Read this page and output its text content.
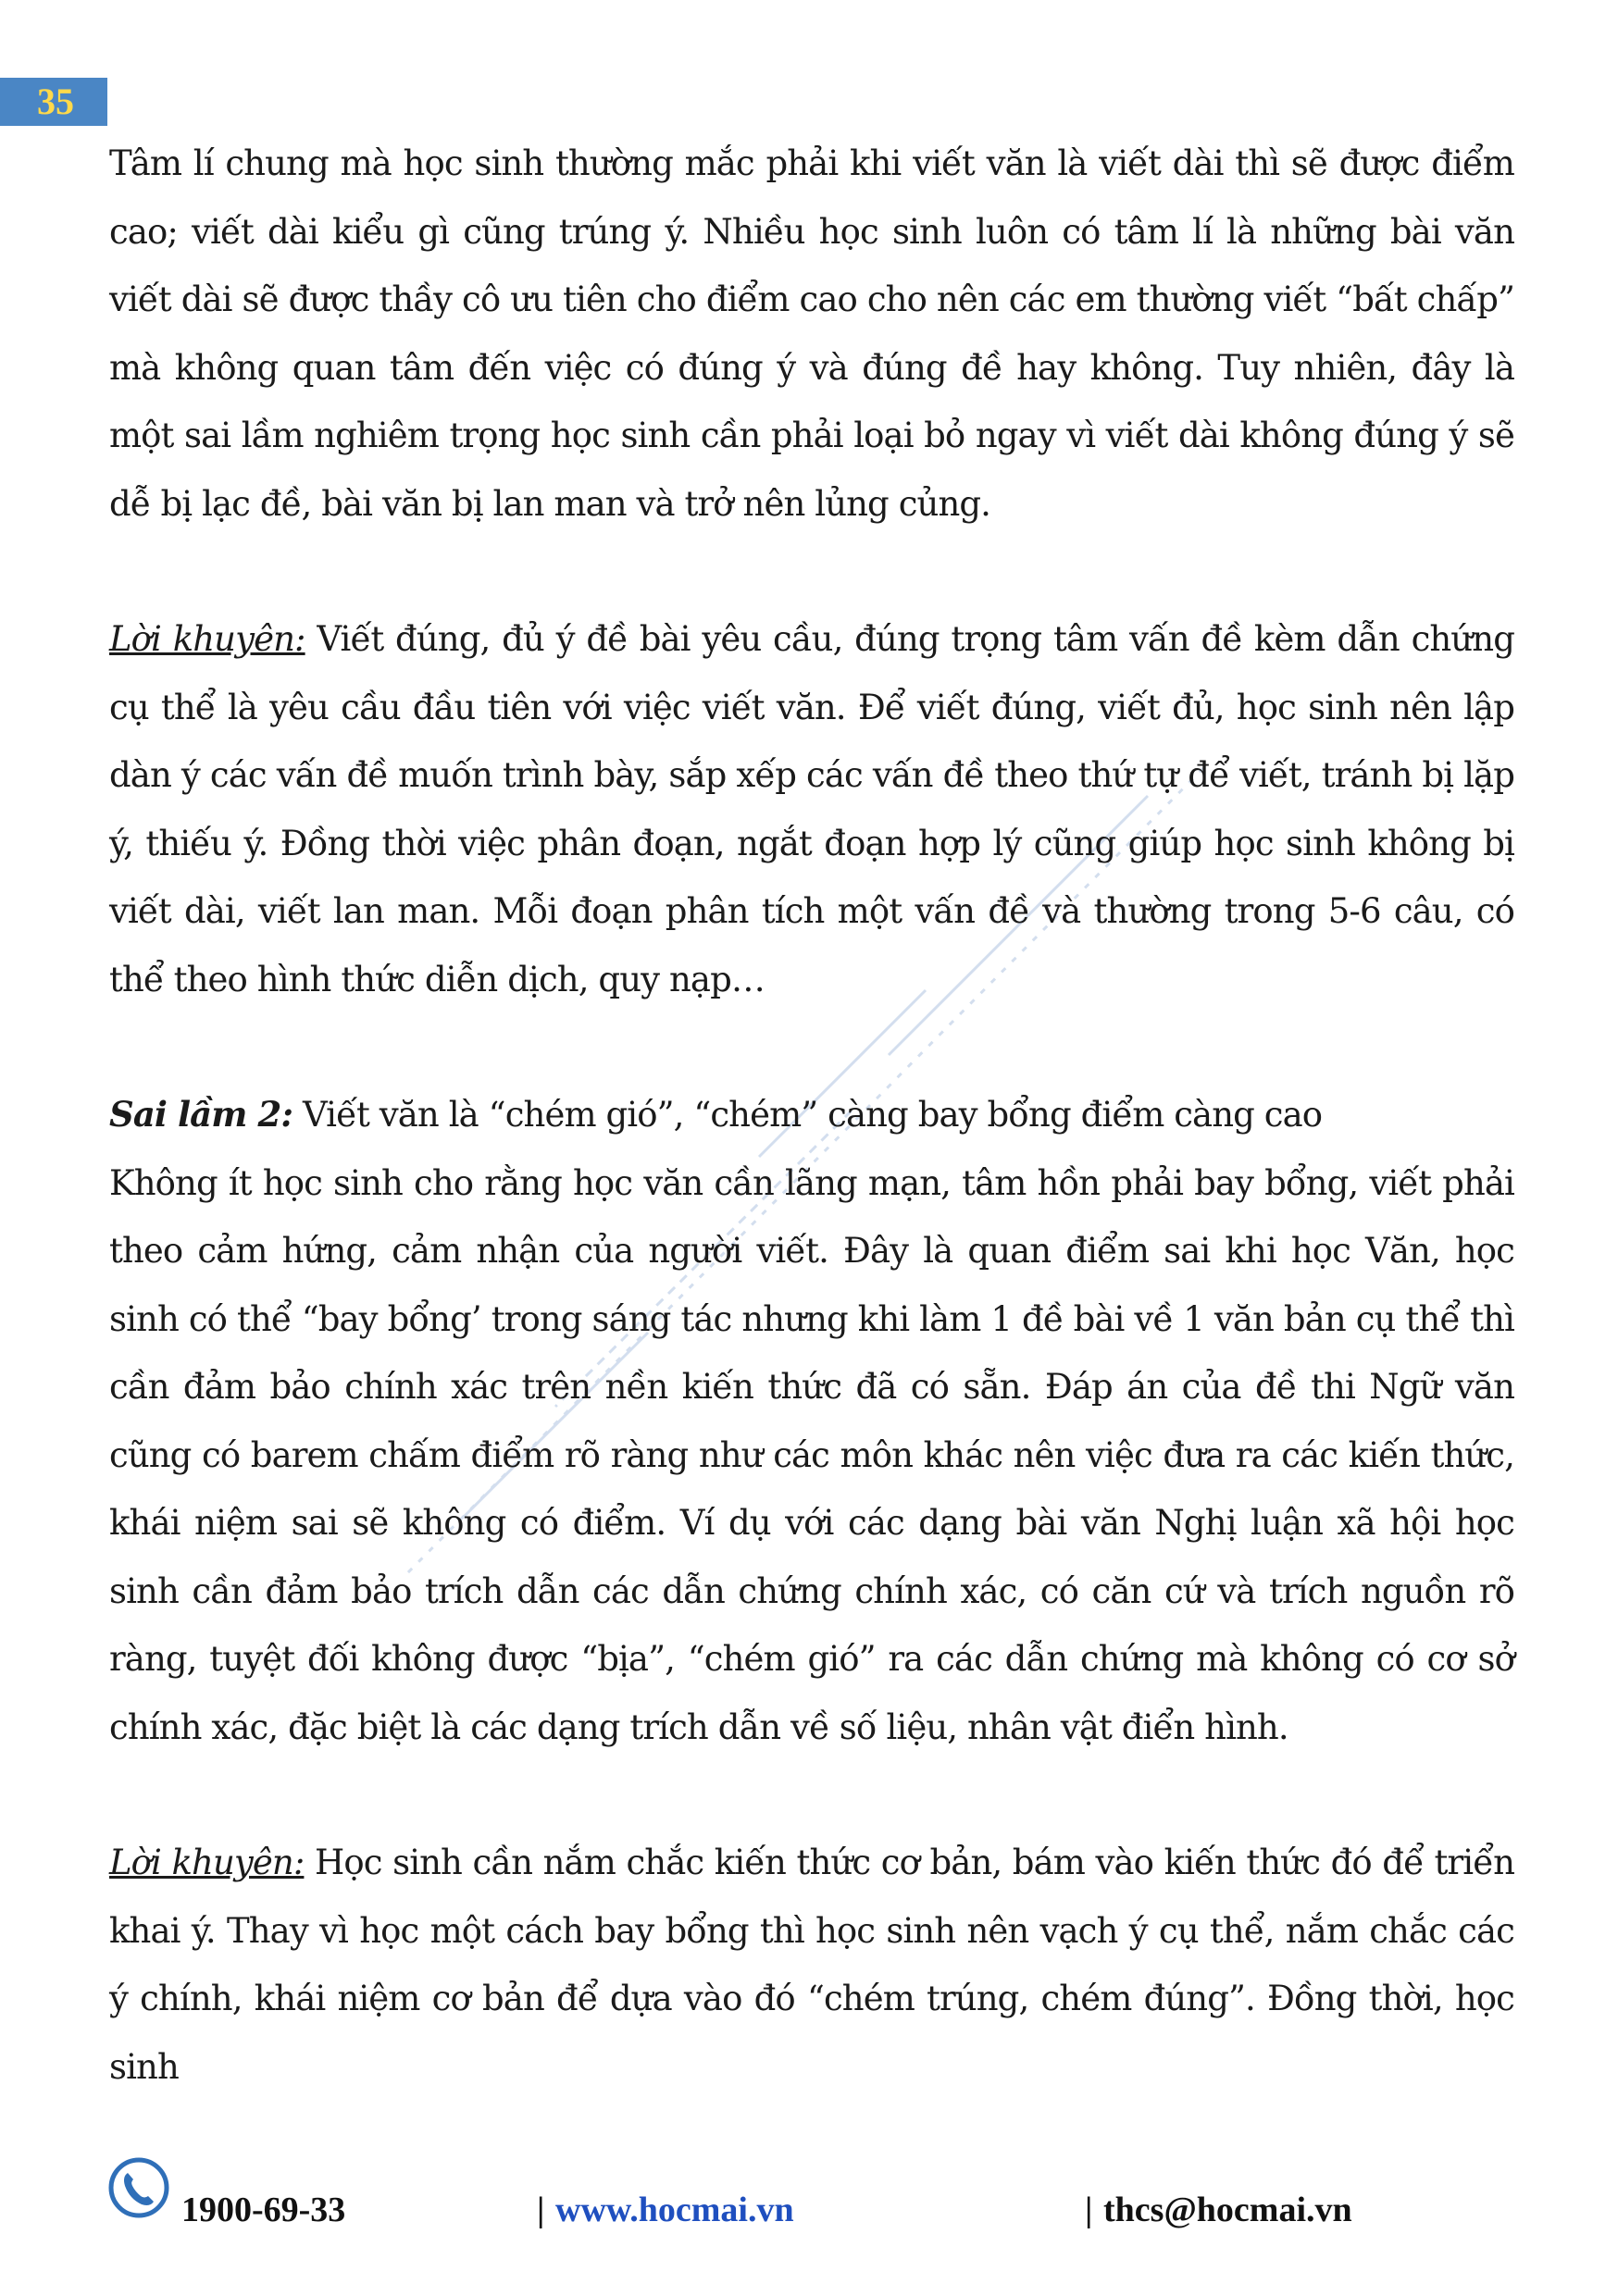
35

Tâm lí chung mà học sinh thường mắc phải khi viết văn là viết dài thì sẽ được điểm cao; viết dài kiểu gì cũng trúng ý. Nhiều học sinh luôn có tâm lí là những bài văn viết dài sẽ được thầy cô ưu tiên cho điểm cao cho nên các em thường viết “bất chấp” mà không quan tâm đến việc có đúng ý và đúng đề hay không. Tuy nhiên, đây là một sai lầm nghiêm trọng học sinh cần phải loại bỏ ngay vì viết dài không đúng ý sẽ dễ bị lạc đề, bài văn bị lan man và trở nên lủng củng.

Lời khuyên: Viết đúng, đủ ý đề bài yêu cầu, đúng trọng tâm vấn đề kèm dẫn chứng cụ thể là yêu cầu đầu tiên với việc viết văn. Để viết đúng, viết đủ, học sinh nên lập dàn ý các vấn đề muốn trình bày, sắp xếp các vấn đề theo thứ tự để viết, tránh bị lặp ý, thiếu ý. Đồng thời việc phân đoạn, ngắt đoạn hợp lý cũng giúp học sinh không bị viết dài, viết lan man. Mỗi đoạn phân tích một vấn đề và thường trong 5-6 câu, có thể theo hình thức diễn dịch, quy nạp…

Sai lầm 2: Viết văn là “chém gió”, “chém” càng bay bổng điểm càng cao

Không ít học sinh cho rằng học văn cần lãng mạn, tâm hồn phải bay bổng, viết phải theo cảm hứng, cảm nhận của người viết. Đây là quan điểm sai khi học Văn, học sinh có thể “bay bổng’ trong sáng tác nhưng khi làm 1 đề bài về 1 văn bản cụ thể thì cần đảm bảo chính xác trên nền kiến thức đã có sẵn. Đáp án của đề thi Ngữ văn cũng có barem chấm điểm rõ ràng như các môn khác nên việc đưa ra các kiến thức, khái niệm sai sẽ không có điểm. Ví dụ với các dạng bài văn Nghị luận xã hội học sinh cần đảm bảo trích dẫn các dẫn chứng chính xác, có căn cứ và trích nguồn rõ ràng, tuyệt đối không được “bịa”, “chém gió” ra các dẫn chứng mà không có cơ sở chính xác, đặc biệt là các dạng trích dẫn về số liệu, nhân vật điển hình.

Lời khuyên: Học sinh cần nắm chắc kiến thức cơ bản, bám vào kiến thức đó để triển khai ý. Thay vì học một cách bay bổng thì học sinh nên vạch ý cụ thể, nắm chắc các ý chính, khái niệm cơ bản để dựa vào đó “chém trúng, chém đúng”. Đồng thời, học sinh

1900-69-33	| www.hocmai.vn	| thcs@hocmai.vn
